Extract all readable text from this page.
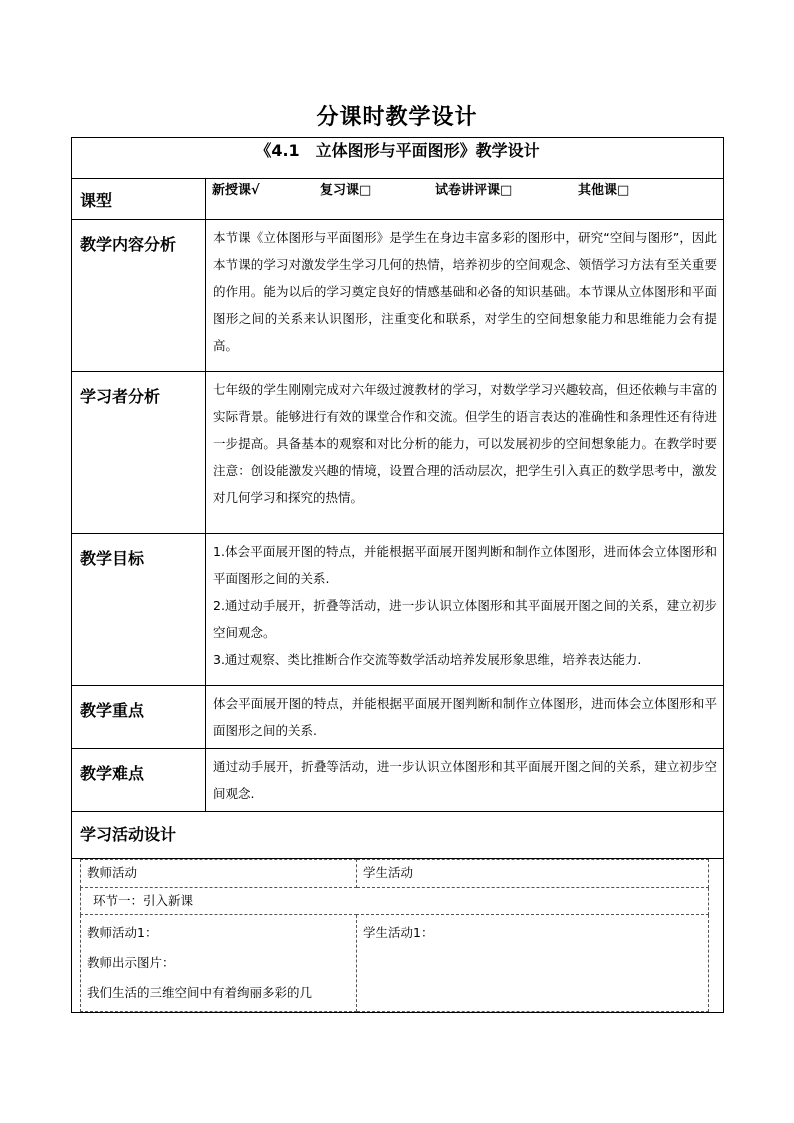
分课时教学设计
《4.1　立体图形与平面图形》教学设计
课型	新授课√	复习课□	试卷讲评课□	其他课□

教学内容分析	本节课《立体图形与平面图形》是学生在身边丰富多彩的图形中，研究“空间与图形”，因此本节课的学习对激发学生学习几何的热情，培养初步的空间观念、领悟学习方法有至关重要的作用。能为以后的学习奠定良好的情感基础和必备的知识基础。本节课从立体图形和平面图形之间的关系来认识图形，注重变化和联系，对学生的空间想象能力和思维能力会有提高。
学习者分析	七年级的学生刚刚完成对六年级过渡教材的学习，对数学学习兴趣较高，但还依赖与丰富的实际背景。能够进行有效的课堂合作和交流。但学生的语言表达的准确性和条理性还有待进一步提高。具备基本的观察和对比分析的能力，可以发展初步的空间想象能力。在教学时要注意：创设能激发兴趣的情境，设置合理的活动层次，把学生引入真正的数学思考中，激发对几何学习和探究的热情。
教学目标	1.体会平面展开图的特点，并能根据平面展开图判断和制作立体图形，进而体会立体图形和平面图形之间的关系.

2.通过动手展开，折叠等活动，进一步认识立体图形和其平面展开图之间的关系，建立初步空间观念。

3.通过观察、类比推断合作交流等数学活动培养发展形象思维，培养表达能力.

教学重点	体会平面展开图的特点，并能根据平面展开图判断和制作立体图形，进而体会立体图形和平面图形之间的关系.
教学难点	通过动手展开，折叠等活动，进一步认识立体图形和其平面展开图之间的关系，建立初步空间观念.
学习活动设计

教师活动	学生活动
环节一：引入新课

教师活动1：
教师出示图片：
我们生活的三维空间中有着绚丽多彩的几

学生活动1：
